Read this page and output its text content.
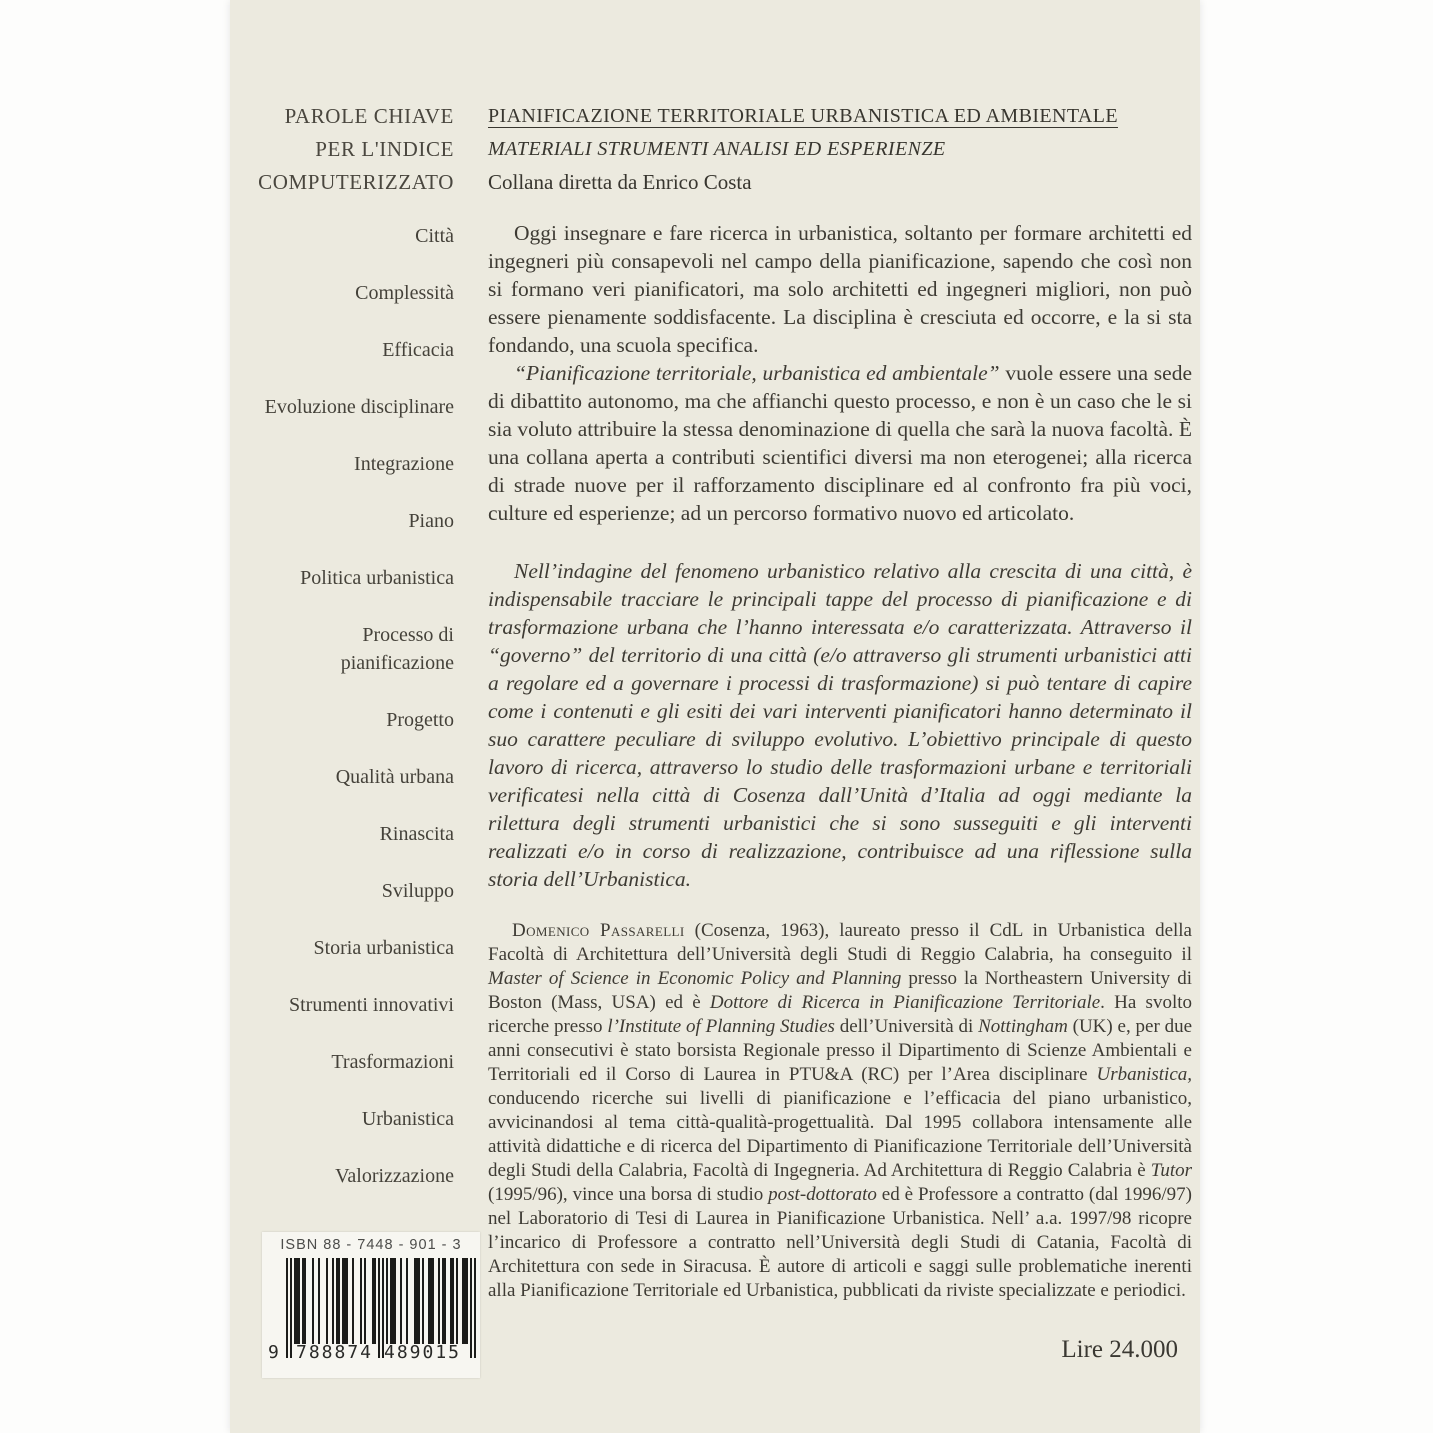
PAROLE CHIAVE
PER L'INDICE
COMPUTERIZZATO
Città
Complessità
Efficacia
Evoluzione disciplinare
Integrazione
Piano
Politica urbanistica
Processo di pianificazione
Progetto
Qualità urbana
Rinascita
Sviluppo
Storia urbanistica
Strumenti innovativi
Trasformazioni
Urbanistica
Valorizzazione
PIANIFICAZIONE TERRITORIALE URBANISTICA ED AMBIENTALE
MATERIALI STRUMENTI ANALISI ED ESPERIENZE
Collana diretta da Enrico Costa

Oggi insegnare e fare ricerca in urbanistica, soltanto per formare architetti ed ingegneri più consapevoli nel campo della pianificazione, sapendo che così non si formano veri pianificatori, ma solo architetti ed ingegneri migliori, non può essere pienamente soddisfacente. La disciplina è cresciuta ed occorre, e la si sta fondando, una scuola specifica.

“Pianificazione territoriale, urbanistica ed ambientale” vuole essere una sede di dibattito autonomo, ma che affianchi questo processo, e non è un caso che le si sia voluto attribuire la stessa denominazione di quella che sarà la nuova facoltà. È una collana aperta a contributi scientifici diversi ma non eterogenei; alla ricerca di strade nuove per il rafforzamento disciplinare ed al confronto fra più voci, culture ed esperienze; ad un percorso formativo nuovo ed articolato.

Nell’indagine del fenomeno urbanistico relativo alla crescita di una città, è indispensabile tracciare le principali tappe del processo di pianificazione e di trasformazione urbana che l’hanno interessata e/o caratterizzata. Attraverso il “governo” del territorio di una città (e/o attraverso gli strumenti urbanistici atti a regolare ed a governare i processi di trasformazione) si può tentare di capire come i contenuti e gli esiti dei vari interventi pianificatori hanno determinato il suo carattere peculiare di sviluppo evolutivo. L’obiettivo principale di questo lavoro di ricerca, attraverso lo studio delle trasformazioni urbane e territoriali verificatesi nella città di Cosenza dall’Unità d’Italia ad oggi mediante la rilettura degli strumenti urbanistici che si sono susseguiti e gli interventi realizzati e/o in corso di realizzazione, contribuisce ad una riflessione sulla storia dell’Urbanistica.

Domenico Passarelli (Cosenza, 1963), laureato presso il CdL in Urbanistica della Facoltà di Architettura dell’Università degli Studi di Reggio Calabria, ha conseguito il Master of Science in Economic Policy and Planning presso la Northeastern University di Boston (Mass, USA) ed è Dottore di Ricerca in Pianificazione Territoriale. Ha svolto ricerche presso l’Institute of Planning Studies dell’Università di Nottingham (UK) e, per due anni consecutivi è stato borsista Regionale presso il Dipartimento di Scienze Ambientali e Territoriali ed il Corso di Laurea in PTU&A (RC) per l’Area disciplinare Urbanistica, conducendo ricerche sui livelli di pianificazione e l’efficacia del piano urbanistico, avvicinandosi al tema città-qualità-progettualità. Dal 1995 collabora intensamente alle attività didattiche e di ricerca del Dipartimento di Pianificazione Territoriale dell’Università degli Studi della Calabria, Facoltà di Ingegneria. Ad Architettura di Reggio Calabria è Tutor (1995/96), vince una borsa di studio post-dottorato ed è Professore a contratto (dal 1996/97) nel Laboratorio di Tesi di Laurea in Pianificazione Urbanistica. Nell’ a.a. 1997/98 ricopre l’incarico di Professore a contratto nell’Università degli Studi di Catania, Facoltà di Architettura con sede in Siracusa. È autore di articoli e saggi sulle problematiche inerenti alla Pianificazione Territoriale ed Urbanistica, pubblicati da riviste specializzate e periodici.

ISBN 88 - 7448 - 901 - 3
9 788874 489015	Lire 24.000
